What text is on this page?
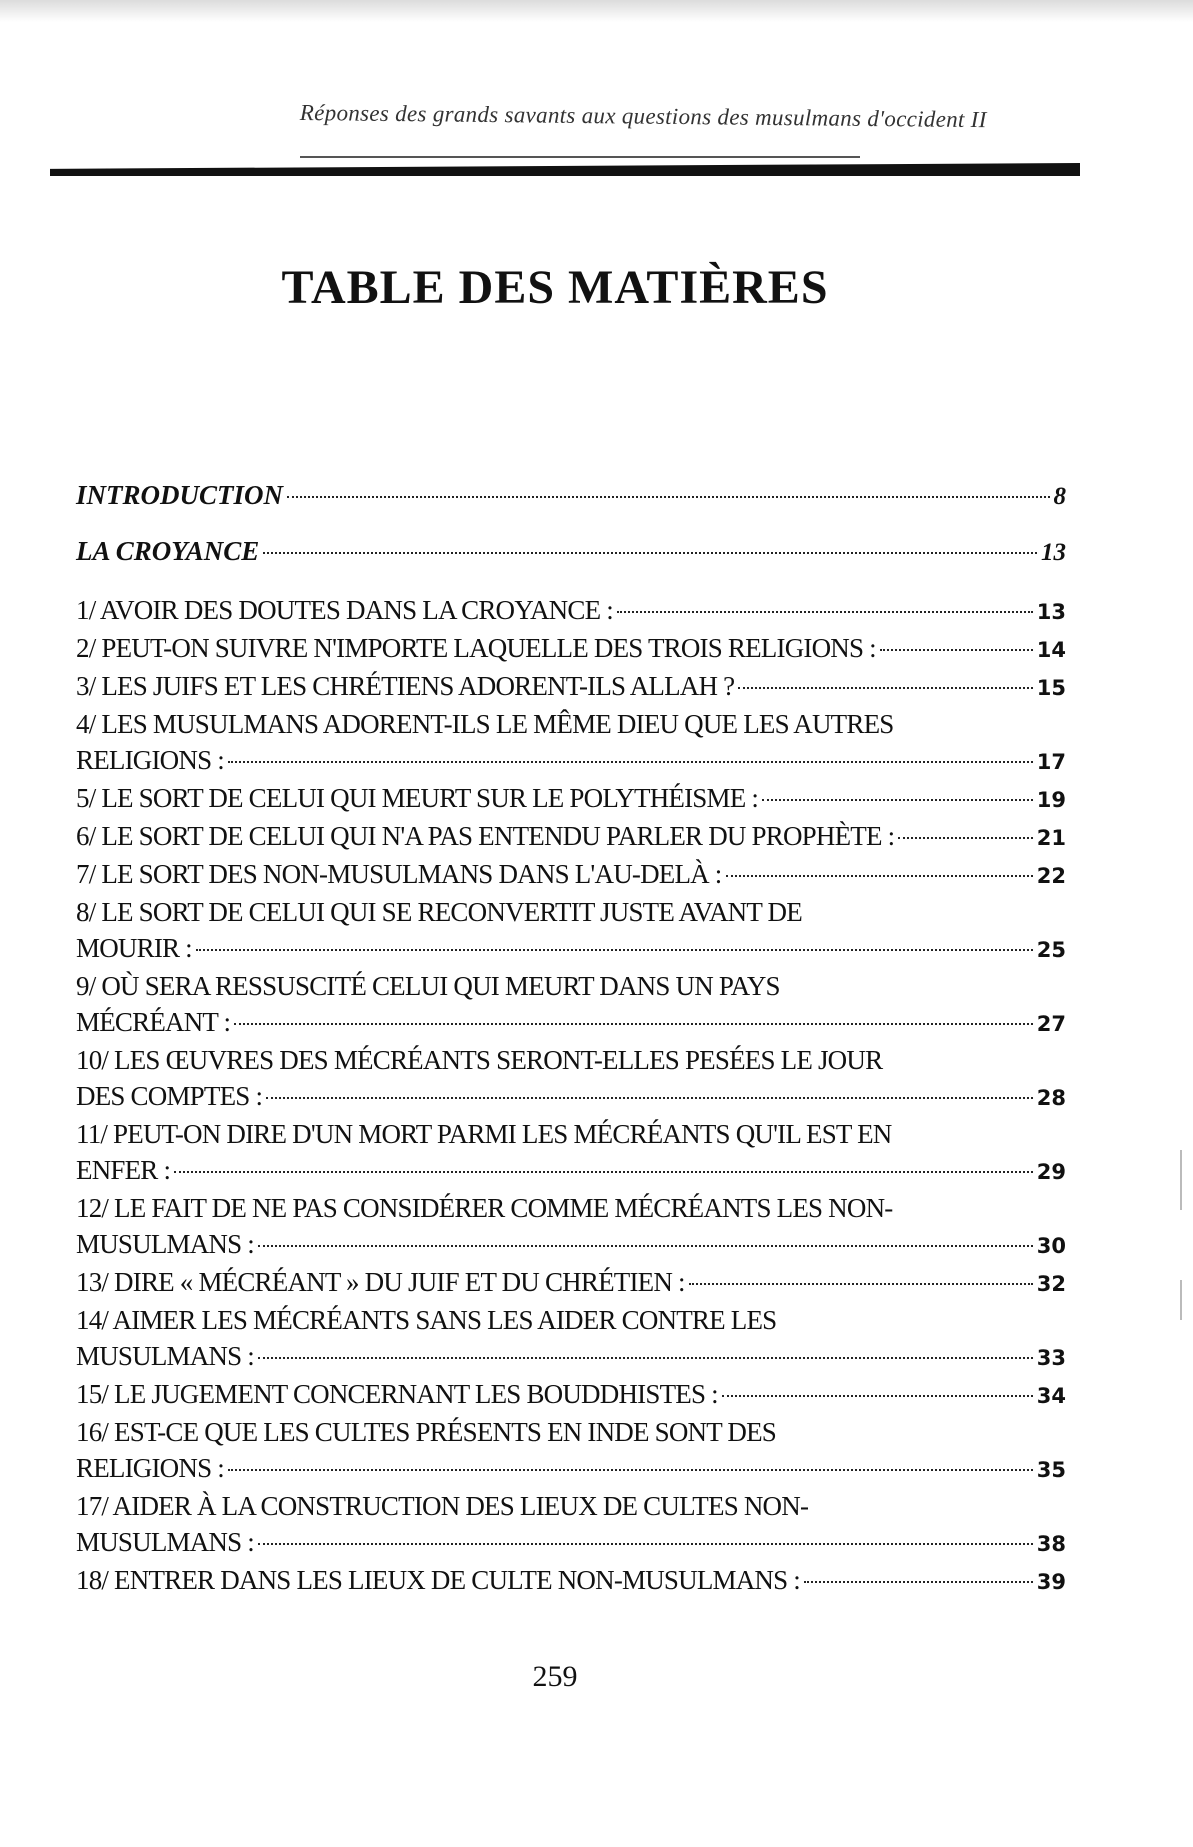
Réponses des grands savants aux questions des musulmans d'occident II
TABLE DES MATIÈRES
INTRODUCTION	8
LA CROYANCE	13
1/ AVOIR DES DOUTES DANS LA CROYANCE :	13
2/ PEUT-ON SUIVRE N'IMPORTE LAQUELLE DES TROIS RELIGIONS :	14
3/ LES JUIFS ET LES CHRÉTIENS ADORENT-ILS ALLAH ?	15
4/ LES MUSULMANS ADORENT-ILS LE MÊME DIEU QUE LES AUTRES
RELIGIONS :	17
5/ LE SORT DE CELUI QUI MEURT SUR LE POLYTHÉISME :	19
6/ LE SORT DE CELUI QUI N'A PAS ENTENDU PARLER DU PROPHÈTE :	21
7/ LE SORT DES NON-MUSULMANS DANS L'AU-DELÀ :	22
8/ LE SORT DE CELUI QUI SE RECONVERTIT JUSTE AVANT DE
MOURIR :	25
9/ OÙ SERA RESSUSCITÉ CELUI QUI MEURT DANS UN PAYS
MÉCRÉANT :	27
10/ LES ŒUVRES DES MÉCRÉANTS SERONT-ELLES PESÉES LE JOUR
DES COMPTES :	28
11/ PEUT-ON DIRE D'UN MORT PARMI LES MÉCRÉANTS QU'IL EST EN
ENFER :	29
12/ LE FAIT DE NE PAS CONSIDÉRER COMME MÉCRÉANTS LES NON-
MUSULMANS :	30
13/ DIRE « MÉCRÉANT » DU JUIF ET DU CHRÉTIEN :	32
14/ AIMER LES MÉCRÉANTS SANS LES AIDER CONTRE LES
MUSULMANS :	33
15/ LE JUGEMENT CONCERNANT LES BOUDDHISTES :	34
16/ EST-CE QUE LES CULTES PRÉSENTS EN INDE SONT DES
RELIGIONS :	35
17/ AIDER À LA CONSTRUCTION DES LIEUX DE CULTES NON-
MUSULMANS :	38
18/ ENTRER DANS LES LIEUX DE CULTE NON-MUSULMANS :	39
259
